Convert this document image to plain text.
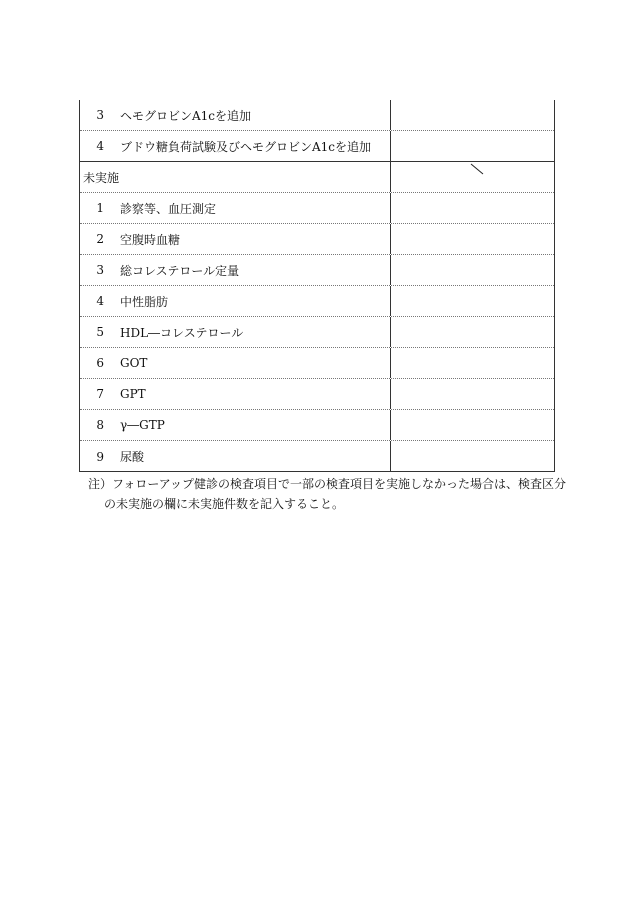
3	ヘモグロビンA1cを追加
4	ブドウ糖負荷試験及びヘモグロビンA1cを追加
未実施
1	診察等、血圧測定
2	空腹時血糖
3	総コレステロール定量
4	中性脂肪
5	HDL―コレステロール
6	GOT
7	GPT
8	γ―GTP
9	尿酸
注）フォローアップ健診の検査項目で一部の検査項目を実施しなかった場合は、検査区分
の未実施の欄に未実施件数を記入すること。
